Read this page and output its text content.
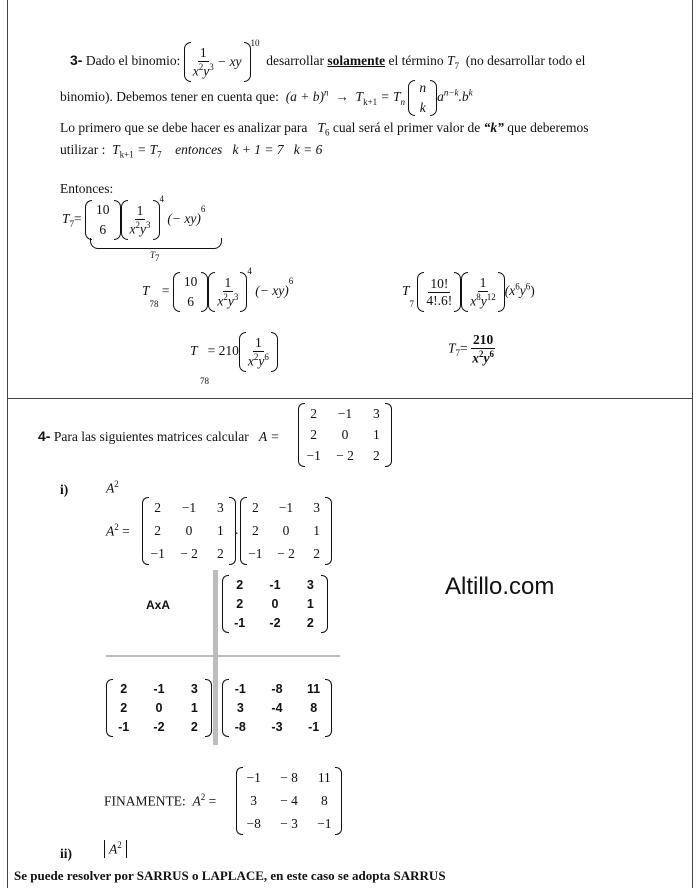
3- Dado el binomio:
1
$x^2y^3$ − xy
$^{10}$  desarrollar solamente el término $T_7$ (no desarrollar todo el
binomio). Debemos tener en cuenta que: $(a + b)^n \to T_{k+1} = T_n$
n
k
$a^{n-k}.b^k$
Lo primero que se debe hacer es analizar para $T_6$ cual será el primer valor de “k” que deberemos
utilizar : $T_{k+1} = T_7$ entonces k + 1 = 7 k = 6
Entonces:
$T_7=$
10
6
1
$x^2y^3$
$^4$ (− xy)$^6$
$T_7$
$T_{78}$ =
10
6
1
$x^2y^3$
$^4$ (− xy)$^6$
$T_7$
10!
4!.6!
1
$x^8y^{12}$ $(x^6y^6)$
T = 210
1
$x^2y^6$
78
$T_7= \frac{210}{x^2y^6}$
4- Para las siguientes matrices calcular A =
2 −1 3
2 0 1
−1 − 2 2
i)	$A^2$
$A^2$ =
2 −1 3
2 0 1
−1 − 2 2
.
2 −1 3
2 0 1
−1 − 2 2
AxA
2 -1 3
2 0 1
-1 -2 2
2 -1 3
2 0 1
-1 -2 2
-1 -8 11
3 -4 8
-8 -3 -1
Altillo.com
FINAMENTE: $A^2$ =
−1 − 8 11
3 − 4 8
−8 − 3 −1
ii)	$A^2$
Se puede resolver por SARRUS o LAPLACE, en este caso se adopta SARRUS
